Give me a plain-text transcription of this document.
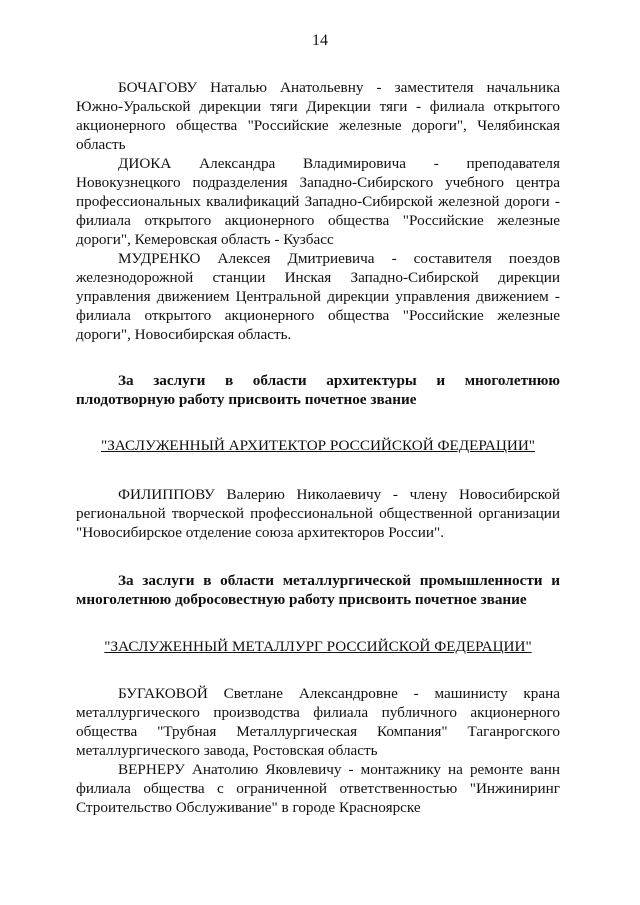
14

БОЧАГОВУ Наталью Анатольевну - заместителя начальника Южно-Уральской дирекции тяги Дирекции тяги - филиала открытого акционерного общества "Российские железные дороги", Челябинская область

ДИОКА Александра Владимировича - преподавателя Новокузнецкого подразделения Западно-Сибирского учебного центра профессиональных квалификаций Западно-Сибирской железной дороги - филиала открытого акционерного общества "Российские железные дороги", Кемеровская область - Кузбасс

МУДРЕНКО Алексея Дмитриевича - составителя поездов железнодорожной станции Инская Западно-Сибирской дирекции управления движением Центральной дирекции управления движением - филиала открытого акционерного общества "Российские железные дороги", Новосибирская область.

За заслуги в области архитектуры и многолетнюю плодотворную работу присвоить почетное звание

"ЗАСЛУЖЕННЫЙ АРХИТЕКТОР РОССИЙСКОЙ ФЕДЕРАЦИИ"

ФИЛИППОВУ Валерию Николаевичу - члену Новосибирской региональной творческой профессиональной общественной организации "Новосибирское отделение союза архитекторов России".

За заслуги в области металлургической промышленности и многолетнюю добросовестную работу присвоить почетное звание

"ЗАСЛУЖЕННЫЙ МЕТАЛЛУРГ РОССИЙСКОЙ ФЕДЕРАЦИИ"

БУГАКОВОЙ Светлане Александровне - машинисту крана металлургического производства филиала публичного акционерного общества "Трубная Металлургическая Компания" Таганрогского металлургического завода, Ростовская область

ВЕРНЕРУ Анатолию Яковлевичу - монтажнику на ремонте ванн филиала общества с ограниченной ответственностью "Инжиниринг Строительство Обслуживание" в городе Красноярске
